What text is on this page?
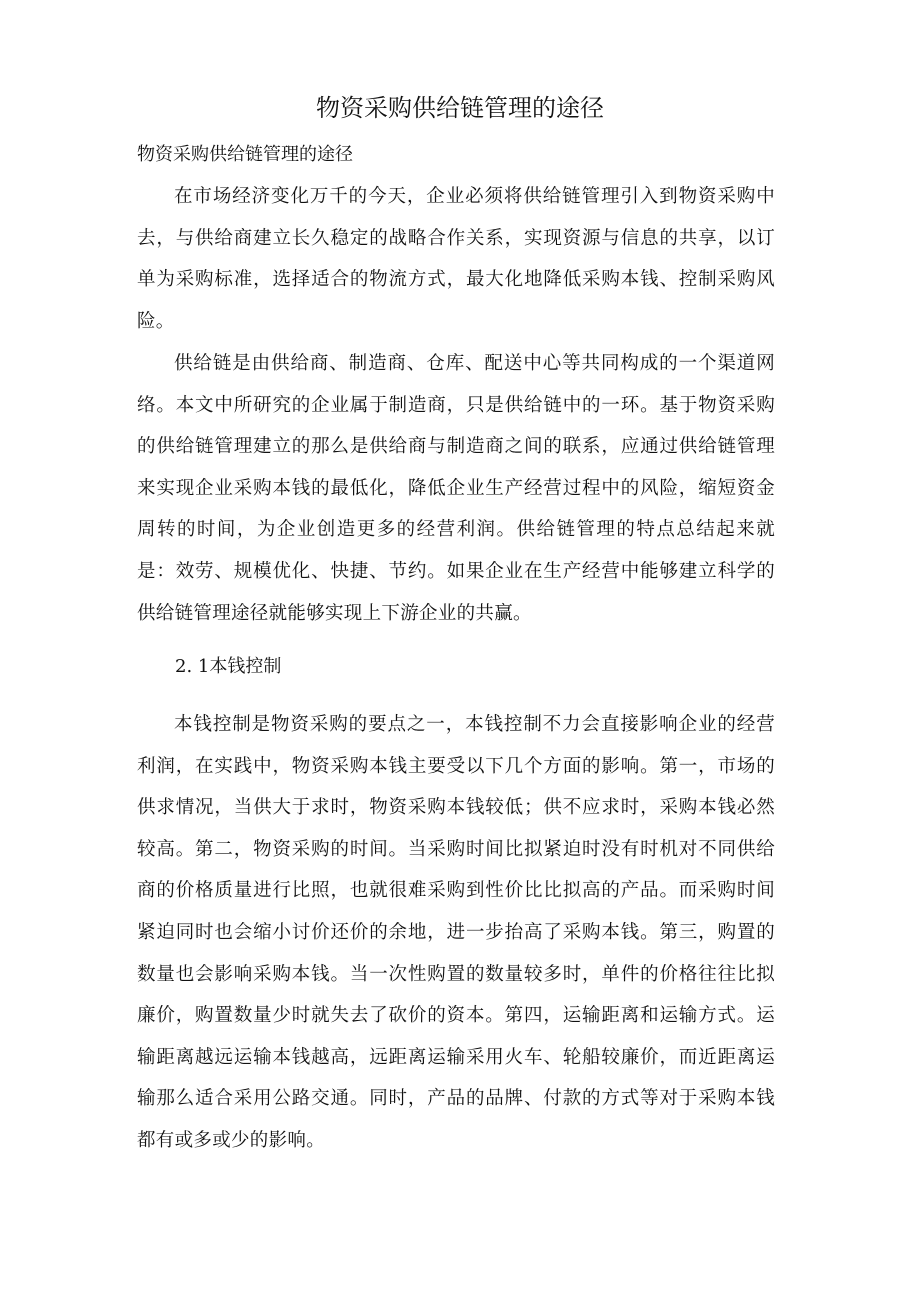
物资采购供给链管理的途径

物资采购供给链管理的途径

在市场经济变化万千的今天，企业必须将供给链管理引入到物资采购中去，与供给商建立长久稳定的战略合作关系，实现资源与信息的共享，以订单为采购标准，选择适合的物流方式，最大化地降低采购本钱、控制采购风险。

供给链是由供给商、制造商、仓库、配送中心等共同构成的一个渠道网络。本文中所研究的企业属于制造商，只是供给链中的一环。基于物资采购的供给链管理建立的那么是供给商与制造商之间的联系，应通过供给链管理来实现企业采购本钱的最低化，降低企业生产经营过程中的风险，缩短资金周转的时间，为企业创造更多的经营利润。供给链管理的特点总结起来就是：效劳、规模优化、快捷、节约。如果企业在生产经营中能够建立科学的供给链管理途径就能够实现上下游企业的共赢。

2. 1本钱控制

本钱控制是物资采购的要点之一，本钱控制不力会直接影响企业的经营利润，在实践中，物资采购本钱主要受以下几个方面的影响。第一，市场的供求情况，当供大于求时，物资采购本钱较低；供不应求时，采购本钱必然较高。第二，物资采购的时间。当采购时间比拟紧迫时没有时机对不同供给商的价格质量进行比照，也就很难采购到性价比比拟高的产品。而采购时间紧迫同时也会缩小讨价还价的余地，进一步抬高了采购本钱。第三，购置的数量也会影响采购本钱。当一次性购置的数量较多时，单件的价格往往比拟廉价，购置数量少时就失去了砍价的资本。第四，运输距离和运输方式。运输距离越远运输本钱越高，远距离运输采用火车、轮船较廉价，而近距离运输那么适合采用公路交通。同时，产品的品牌、付款的方式等对于采购本钱都有或多或少的影响。
